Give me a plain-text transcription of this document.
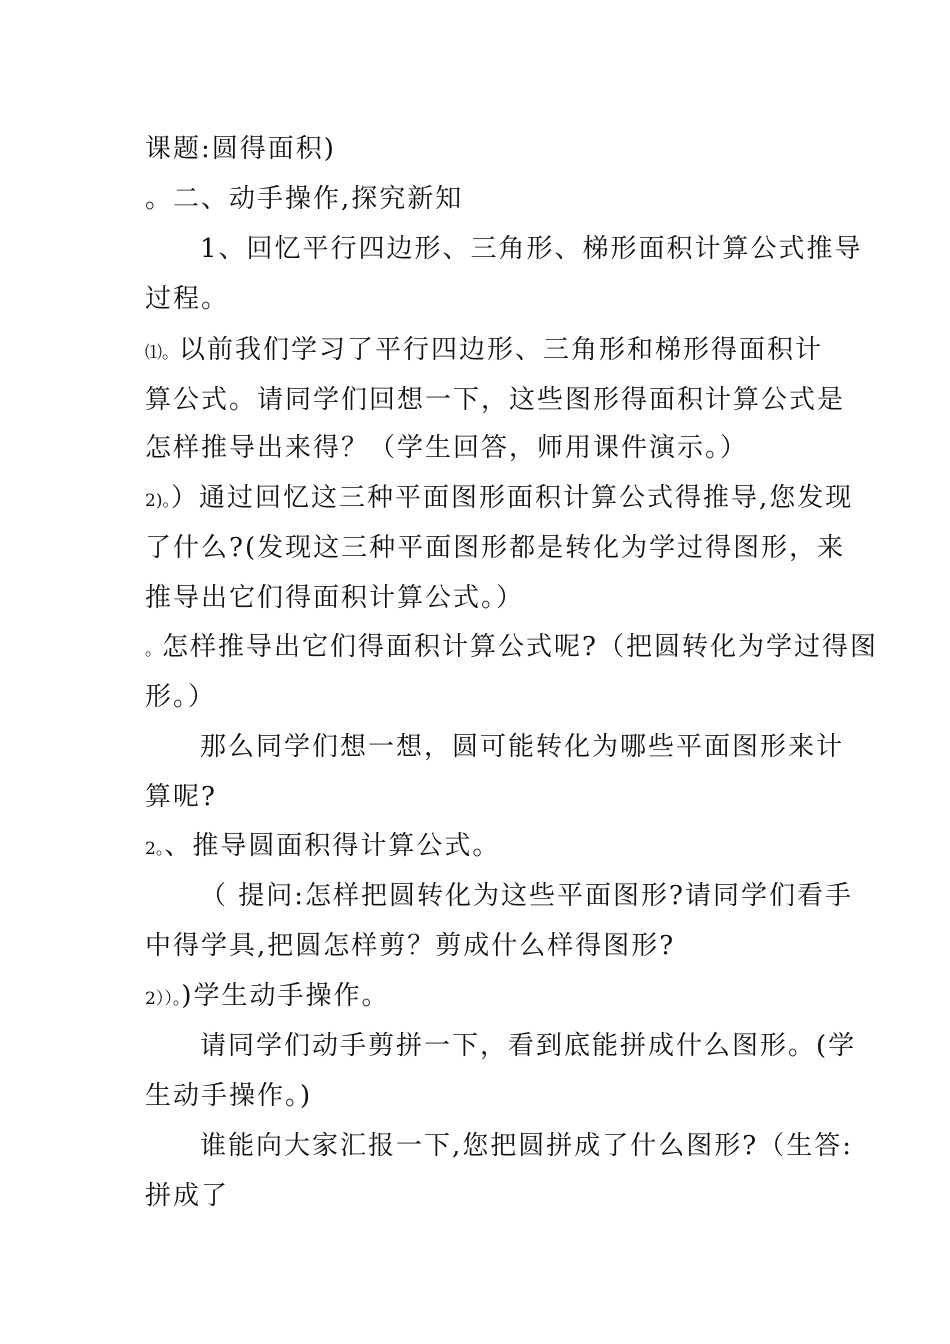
课题:圆得面积)
。二、动手操作,探究新知
1、回忆平行四边形、三角形、梯形面积计算公式推导
过程。
⑴。以前我们学习了平行四边形、三角形和梯形得面积计
算公式。请同学们回想一下，这些图形得面积计算公式是
怎样推导出来得？（学生回答，师用课件演示。）
2)。）通过回忆这三种平面图形面积计算公式得推导,您发现
了什么?(发现这三种平面图形都是转化为学过得图形，来
推导出它们得面积计算公式。）
。怎样推导出它们得面积计算公式呢?（把圆转化为学过得图
形。）
那么同学们想一想，圆可能转化为哪些平面图形来计
算呢?
2。、推导圆面积得计算公式。
（ 提问:怎样把圆转化为这些平面图形?请同学们看手
中得学具,把圆怎样剪？剪成什么样得图形?
2））。)学生动手操作。
请同学们动手剪拼一下，看到底能拼成什么图形。(学
生动手操作。)
谁能向大家汇报一下,您把圆拼成了什么图形?（生答:
拼成了
